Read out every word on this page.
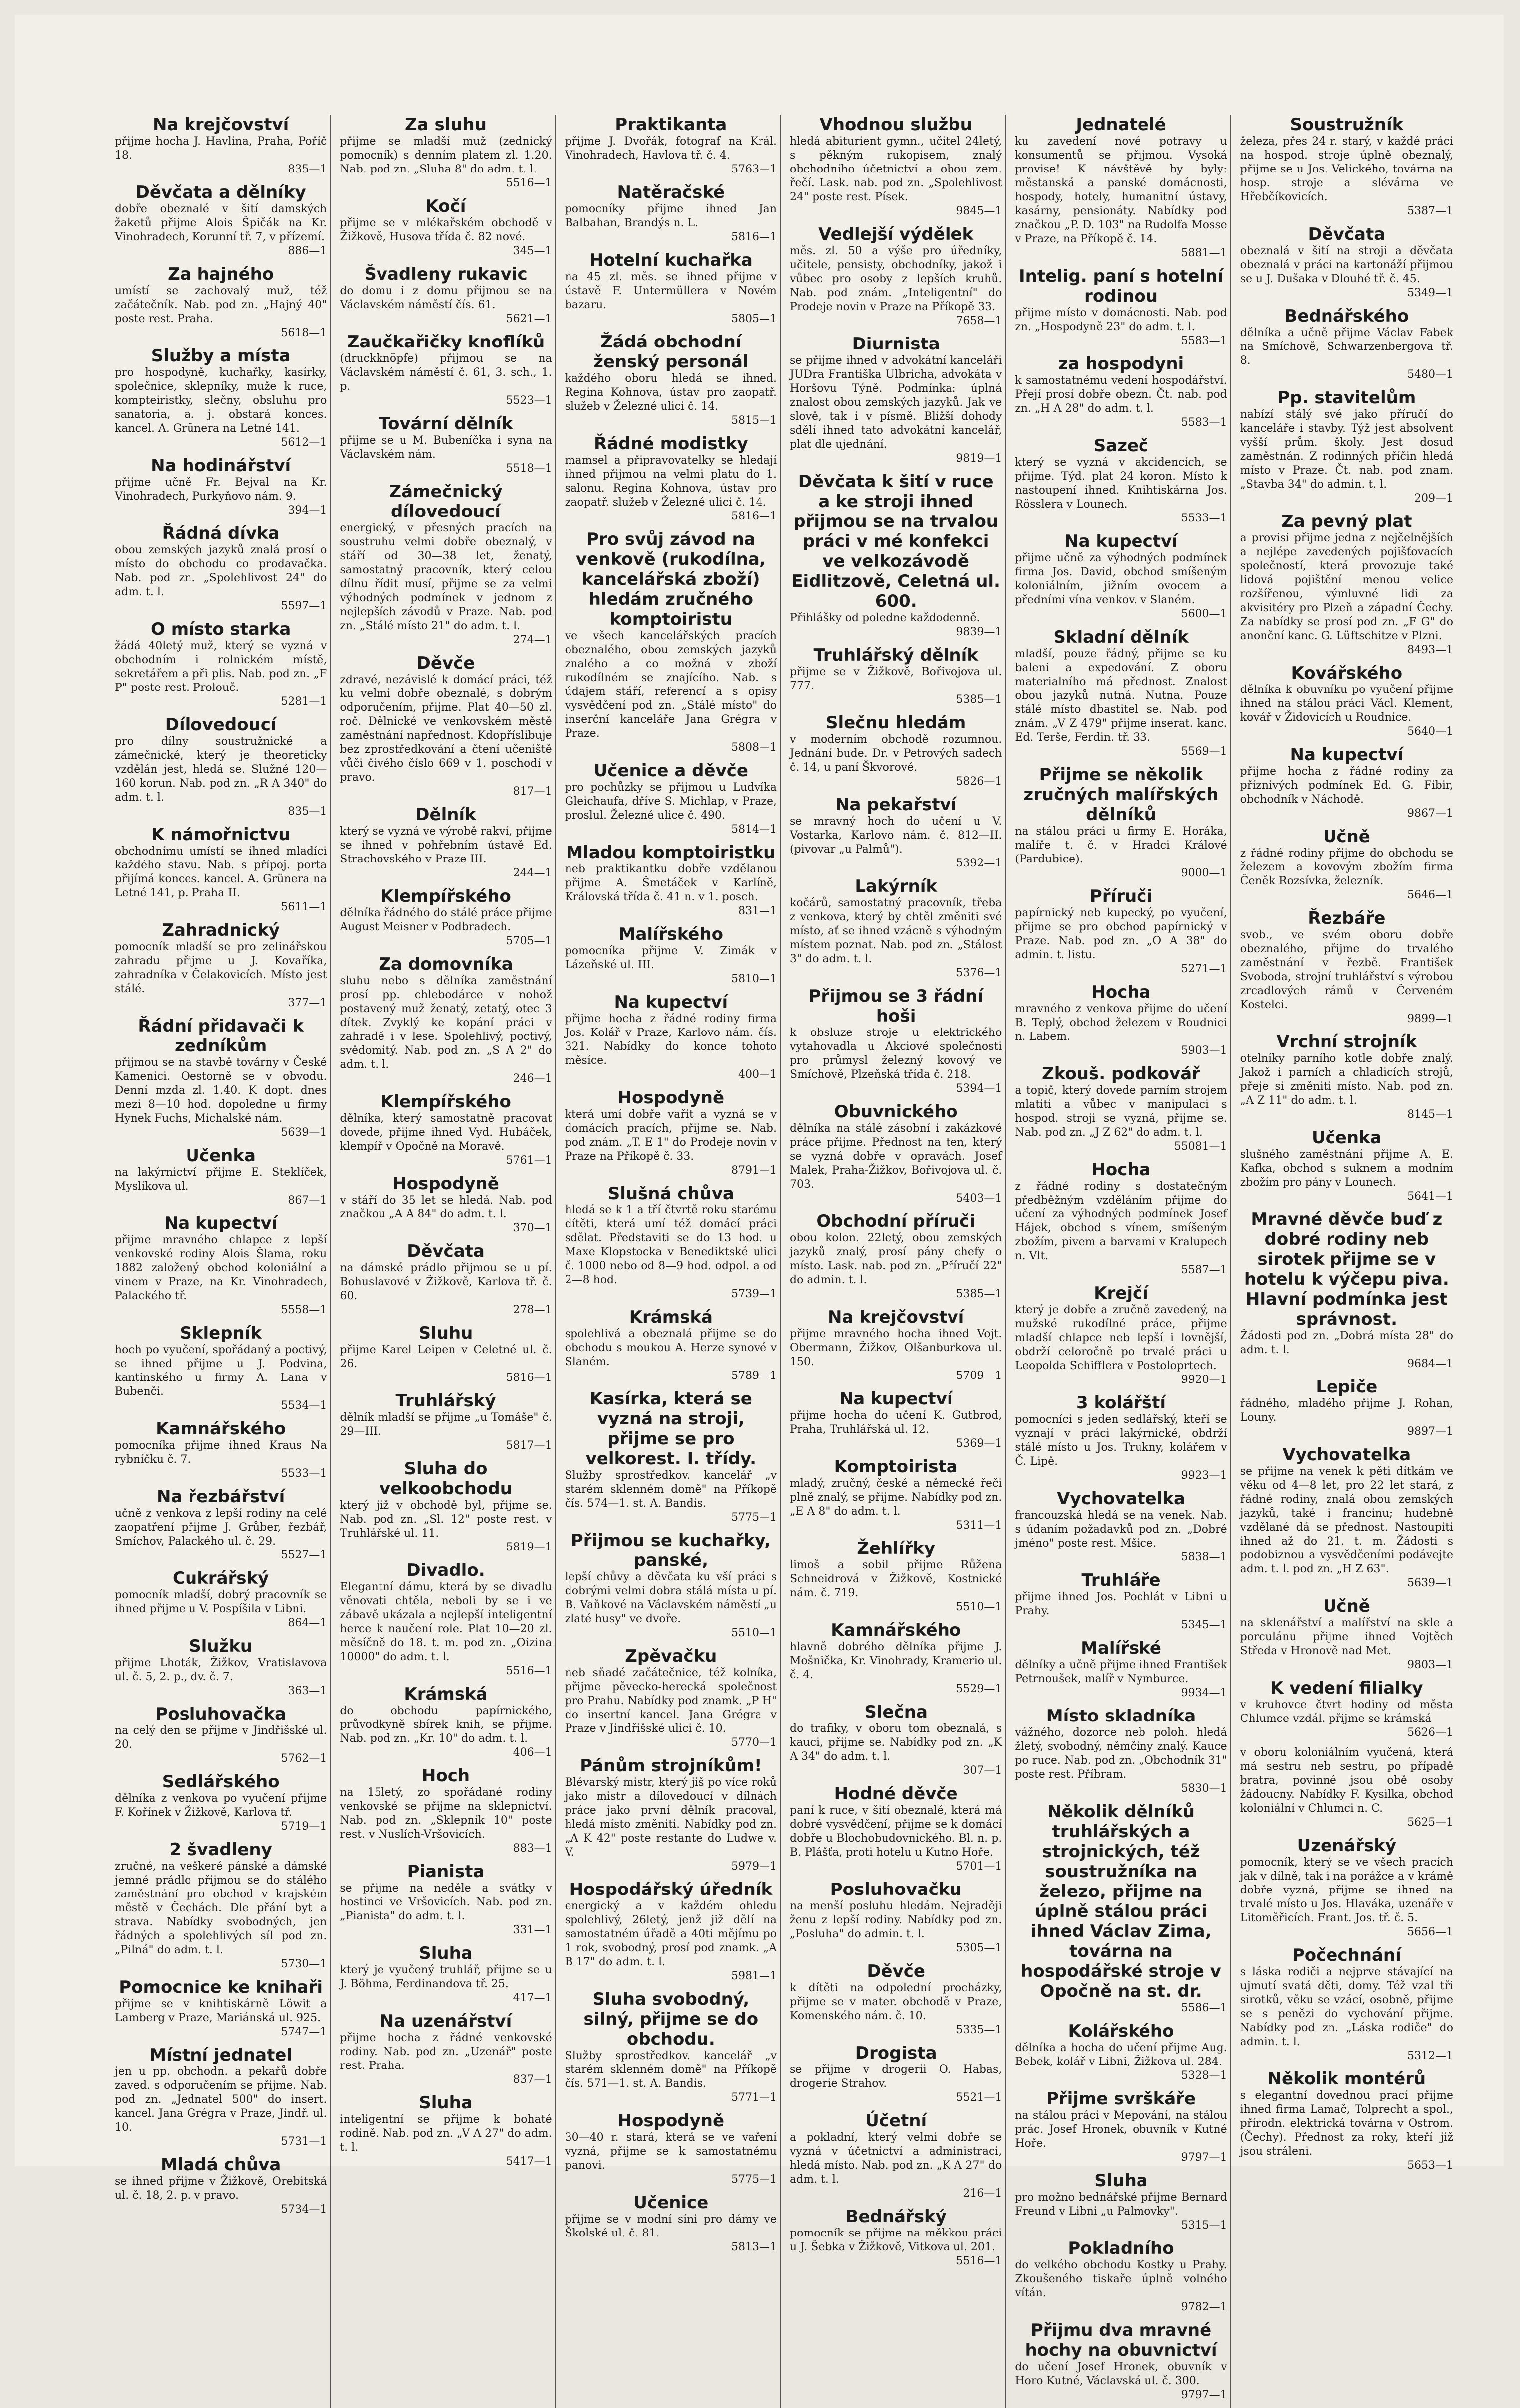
Na krejčovství

přijme hocha J. Havlina, Praha, Poříč 18.
835—1

Děvčata a dělníky

dobře obeznalé v šití damských žaketů přijme Alois Špičák na Kr. Vinohradech, Korunní tř. 7, v přízemí.
886—1

Za hajného

umístí se zachovalý muž, též začátečník. Nab. pod zn. „Hajný 40" poste rest. Praha.
5618—1

Služby a místa

pro hospodyně, kuchařky, kasírky, společnice, sklepníky, muže k ruce, kompteiristky, slečny, obsluhu pro sanatoria, a. j. obstará konces. kancel. A. Grünera na Letné 141.
5612—1

Na hodinářství

přijme učně Fr. Bejval na Kr. Vinohradech, Purkyňovo nám. 9.
394—1

Řádná dívka

obou zemských jazyků znalá prosí o místo do obchodu co prodavačka. Nab. pod zn. „Spolehlivost 24" do adm. t. l.
5597—1

O místo starka

žádá 40letý muž, který se vyzná v obchodním i rolnickém místě, sekretářem a při plis. Nab. pod zn. „F P" poste rest. Prolouč.
5281—1

Dílovedoucí

pro dílny soustružnické a zámečnické, který je theoreticky vzdělán jest, hledá se. Služné 120—160 korun. Nab. pod zn. „R A 340" do adm. t. l.
835—1

K námořnictvu

obchodnímu umístí se ihned mladíci každého stavu. Nab. s přípoj. porta přijímá konces. kancel. A. Grünera na Letné 141, p. Praha II.
5611—1

Zahradnický

pomocník mladší se pro zelinářskou zahradu přijme u J. Kovaříka, zahradníka v Čelakovicích. Místo jest stálé.
377—1

Řádní přidavači k zedníkům

přijmou se na stavbě továrny v České Kamenici. Oestorně se v obvodu. Denní mzda zl. 1.40. K dopt. dnes mezi 8—10 hod. dopoledne u firmy Hynek Fuchs, Michalské nám.
5639—1

Učenka

na lakýrnictví přijme E. Steklíček, Myslíkova ul.
867—1

Na kupectví

přijme mravného chlapce z lepší venkovské rodiny Alois Šlama, roku 1882 založený obchod koloniální a vinem v Praze, na Kr. Vinohradech, Palackého tř.
5558—1

Sklepník

hoch po vyučení, spořádaný a poctivý, se ihned přijme u J. Podvina, kantinského u firmy A. Lana v Bubenči.
5534—1

Kamnářského

pomocníka přijme ihned Kraus Na rybníčku č. 7.
5533—1

Na řezbářství

učně z venkova z lepší rodiny na celé zaopatření přijme J. Grůber, řezbář, Smíchov, Palackého ul. č. 29.
5527—1

Cukrářský

pomocník mladší, dobrý pracovník se ihned přijme u V. Pospíšila v Libni.
864—1

Služku

přijme Lhoták, Žižkov, Vratislavova ul. č. 5, 2. p., dv. č. 7.
363—1

Posluhovačka

na celý den se přijme v Jindřišské ul. 20.
5762—1

Sedlářského

dělníka z venkova po vyučení přijme F. Kořínek v Žižkově, Karlova tř.
5719—1

2 švadleny

zručné, na veškeré pánské a dámské jemné prádlo přijmou se do stálého zaměstnání pro obchod v krajském městě v Čechách. Dle přání byt a strava. Nabídky svobodných, jen řádných a spolehlivých síl pod zn. „Pilná" do adm. t. l.
5730—1

Pomocnice ke knihaři

přijme se v knihtiskárně Löwit a Lamberg v Praze, Mariánská ul. 925.
5747—1

Místní jednatel

jen u pp. obchodn. a pekařů dobře zaved. s odporučením se přijme. Nab. pod zn. „Jednatel 500" do insert. kancel. Jana Grégra v Praze, Jindř. ul. 10.
5731—1

Mladá chůva

se ihned přijme v Žižkově, Orebitská ul. č. 18, 2. p. v pravo.
5734—1

Za sluhu

přijme se mladší muž (zednický pomocník) s denním platem zl. 1.20. Nab. pod zn. „Sluha 8" do adm. t. l.
5516—1

Kočí

přijme se v mlékařském obchodě v Žižkově, Husova třída č. 82 nové.
345—1

Švadleny rukavic

do domu i z domu přijmou se na Václavském náměstí čís. 61.
5621—1

Zaučkařičky knoflíků

(druckknöpfe) přijmou se na Václavském náměstí č. 61, 3. sch., 1. p.
5523—1

Tovární dělník

přijme se u M. Bubeníčka i syna na Václavském nám.
5518—1

Zámečnický dílovedoucí

energický, v přesných pracích na soustruhu velmi dobře obeznalý, v stáří od 30—38 let, ženatý, samostatný pracovník, který celou dílnu řídit musí, přijme se za velmi výhodných podmínek v jednom z nejlepších závodů v Praze. Nab. pod zn. „Stálé místo 21" do adm. t. l.
274—1

Děvče

zdravé, nezávislé k domácí práci, též ku velmi dobře obeznalé, s dobrým odporučením, přijme. Plat 40—50 zl. roč. Dělnické ve venkovském městě zaměstnání napřednost. Kdopříslibuje bez zprostředkování a čtení učeniště vůči čivého číslo 669 v 1. poschodí v pravo.
817—1

Dělník

který se vyzná ve výrobě rakví, přijme se ihned v pohřebním ústavě Ed. Strachovského v Praze III.
244—1

Klempířského

dělníka řádného do stálé práce přijme August Meisner v Podbradech.
5705—1

Za domovníka

sluhu nebo s dělníka zaměstnání prosí pp. chlebodárce v nohož postavený muž ženatý, zetatý, otec 3 dítek. Zvyklý ke kopání práci v zahradě i v lese. Spolehlivý, poctivý, svědomitý. Nab. pod zn. „S A 2" do adm. t. l.
246—1

Klempířského

dělníka, který samostatně pracovat dovede, přijme ihned Vyd. Hubáček, klempíř v Opočně na Moravě.
5761—1

Hospodyně

v stáří do 35 let se hledá. Nab. pod značkou „A A 84" do adm. t. l.
370—1

Děvčata

na dámské prádlo přijmou se u pí. Bohuslavové v Žižkově, Karlova tř. č. 60.
278—1

Sluhu

přijme Karel Leipen v Celetné ul. č. 26.
5816—1

Truhlářský

dělník mladší se přijme „u Tomáše" č. 29—III.
5817—1

Sluha do velkoobchodu

který již v obchodě byl, přijme se. Nab. pod zn. „Sl. 12" poste rest. v Truhlářské ul. 11.
5819—1

Divadlo.

Elegantní dámu, která by se divadlu věnovati chtěla, neboli by se i ve zábavě ukázala a nejlepší inteligentní herce k naučení role. Plat 10—20 zl. měsíčně do 18. t. m. pod zn. „Oizina 10000" do adm. t. l.
5516—1

Krámská

do obchodu papírnického, průvodkyně sbírek knih, se přijme. Nab. pod zn. „Kr. 10" do adm. t. l.
406—1

Hoch

na 15letý, zo spořádané rodiny venkovské se přijme na sklepnictví. Nab. pod zn. „Sklepník 10" poste rest. v Nuslích-Vršovicích.
883—1

Pianista

se přijme na neděle a svátky v hostinci ve Vršovicích. Nab. pod zn. „Pianista" do adm. t. l.
331—1

Sluha

který je vyučený truhlář, přijme se u J. Böhma, Ferdinandova tř. 25.
417—1

Na uzenářství

přijme hocha z řádné venkovské rodiny. Nab. pod zn. „Uzenář" poste rest. Praha.
837—1

Sluha

inteligentní se přijme k bohaté rodině. Nab. pod zn. „V A 27" do adm. t. l.
5417—1

Praktikanta

přijme J. Dvořák, fotograf na Král. Vinohradech, Havlova tř. č. 4.
5763—1

Natěračské

pomocníky přijme ihned Jan Balbahan, Brandýs n. L.
5816—1

Hotelní kuchařka

na 45 zl. měs. se ihned přijme v ústavě F. Untermüllera v Novém bazaru.
5805—1

Žádá obchodní ženský personál

každého oboru hledá se ihned. Regina Kohnova, ústav pro zaopatř. služeb v Železné ulici č. 14.
5815—1

Řádné modistky

mamsel a připravovatelky se hledají ihned přijmou na velmi platu do 1. salonu. Regina Kohnova, ústav pro zaopatř. služeb v Železné ulici č. 14.
5816—1

Pro svůj závod na venkově (rukodílna, kancelářská zboží) hledám zručného komptoiristu

ve všech kancelářských pracích obeznalého, obou zemských jazyků znalého a co možná v zboží rukodílném se znajícího. Nab. s údajem stáří, referencí a s opisy vysvědčení pod zn. „Stálé místo" do inserční kanceláře Jana Grégra v Praze.
5808—1

Učenice a děvče

pro pochůzky se přijmou u Ludvíka Gleichaufa, dříve S. Michlap, v Praze, proslul. Železné ulice č. 490.
5814—1

Mladou komptoiristku

neb praktikantku dobře vzdělanou přijme A. Šmetáček v Karlíně, Královská třída č. 41 n. v 1. posch.
831—1

Malířského

pomocníka přijme V. Zimák v Lázeňské ul. III.
5810—1

Na kupectví

přijme hocha z řádné rodiny firma Jos. Kolář v Praze, Karlovo nám. čís. 321. Nabídky do konce tohoto měsíce.
400—1

Hospodyně

která umí dobře vařit a vyzná se v domácích pracích, přijme se. Nab. pod znám. „T. E 1" do Prodeje novin v Praze na Příkopě č. 33.
8791—1

Slušná chůva

hledá se k 1 a tří čtvrtě roku starému dítěti, která umí též domácí práci sdělat. Představiti se do 13 hod. u Maxe Klopstocka v Benediktské ulici č. 1000 nebo od 8—9 hod. odpol. a od 2—8 hod.
5739—1

Krámská

spolehlivá a obeznalá přijme se do obchodu s moukou A. Herze synové v Slaném.
5789—1

Kasírka, která se vyzná na stroji, přijme se pro velkorest. I. třídy.

Služby sprostředkov. kancelář „v starém sklenném domě" na Příkopě čís. 574—1. st. A. Bandis.
5775—1

Přijmou se kuchařky, panské,

lepší chůvy a děvčata ku vší práci s dobrými velmi dobra stálá místa u pí. B. Vaňkové na Václavském náměstí „u zlaté husy" ve dvoře.
5510—1

Zpěvačku

neb sňadé začátečnice, též kolníka, přijme pěvecko-herecká společnost pro Prahu. Nabídky pod znamk. „P H" do insertní kancel. Jana Grégra v Praze v Jindřišské ulici č. 10.
5770—1

Pánům strojníkům!

Blévarský mistr, který jiš po více roků jako mistr a dílovedoucí v dílnách práce jako první dělník pracoval, hledá místo změniti. Nabídky pod zn. „A K 42" poste restante do Ludwe v. V.
5979—1

Hospodářský úředník

energický a v každém ohledu spolehlivý, 26letý, jenž již dělí na samostatném úřadě a 40ti mějímu po 1 rok, svobodný, prosí pod znamk. „A B 17" do adm. t. l.
5981—1

Sluha svobodný, silný, přijme se do obchodu.

Služby sprostředkov. kancelář „v starém sklenném domě" na Příkopě čís. 571—1. st. A. Bandis.
5771—1

Hospodyně

30—40 r. stará, která se ve vaření vyzná, přijme se k samostatnému panovi.
5775—1

Učenice

přijme se v modní síni pro dámy ve Školské ul. č. 81.
5813—1

Vhodnou službu

hledá abiturient gymn., učitel 24letý, s pěkným rukopisem, znalý obchodního účetnictví a obou zem. řečí. Lask. nab. pod zn. „Spolehlivost 24" poste rest. Písek.
9845—1

Vedlejší výdělek

měs. zl. 50 a výše pro úředníky, učitele, pensisty, obchodníky, jakož i vůbec pro osoby z lepších kruhů. Nab. pod znám. „Inteligentní" do Prodeje novin v Praze na Příkopě 33.
7658—1

Diurnista

se přijme ihned v advokátní kanceláři JUDra Františka Ulbricha, advokáta v Horšovu Týně. Podmínka: úplná znalost obou zemských jazyků. Jak ve slově, tak i v písmě. Bližší dohody sdělí ihned tato advokátní kancelář, plat dle ujednání.
9819—1

Děvčata k šití v ruce a ke stroji ihned přijmou se na trvalou práci v mé konfekci ve velkozávodě Eidlitzově, Celetná ul. 600.

Přihlášky od poledne každodenně.
9839—1

Truhlářský dělník

přijme se v Žižkově, Bořivojova ul. 777.
5385—1

Slečnu hledám

v moderním obchodě rozumnou. Jednání bude. Dr. v Petrových sadech č. 14, u paní Škvorové.
5826—1

Na pekařství

se mravný hoch do učení u V. Vostarka, Karlovo nám. č. 812—II. (pivovar „u Palmů").
5392—1

Lakýrník

kočárů, samostatný pracovník, třeba z venkova, který by chtěl změniti své místo, ať se ihned vzácně s výhodným místem poznat. Nab. pod zn. „Stálost 3" do adm. t. l.
5376—1

Přijmou se 3 řádní hoši

k obsluze stroje u elektrického vytahovadla u Akciové společnosti pro průmysl železný kovový ve Smíchově, Plzeňská třída č. 218.
5394—1

Obuvnického

dělníka na stálé zásobní i zakázkové práce přijme. Přednost na ten, který se vyzná dobře v opravách. Josef Malek, Praha-Žižkov, Bořivojova ul. č. 703.
5403—1

Obchodní příruči

obou kolon. 22letý, obou zemských jazyků znalý, prosí pány chefy o místo. Lask. nab. pod zn. „Příručí 22" do admin. t. l.
5385—1

Na krejčovství

přijme mravného hocha ihned Vojt. Obermann, Žižkov, Olšanburkova ul. 150.
5709—1

Na kupectví

přijme hocha do učení K. Gutbrod, Praha, Truhlářská ul. 12.
5369—1

Komptoirista

mladý, zručný, české a německé řeči plně znalý, se přijme. Nabídky pod zn. „E A 8" do adm. t. l.
5311—1

Žehlířky

limoš a sobil přijme Růžena Schneidrová v Žižkově, Kostnické nám. č. 719.
5510—1

Kamnářského

hlavně dobrého dělníka přijme J. Mošnička, Kr. Vinohrady, Kramerio ul. č. 4.
5529—1

Slečna

do trafiky, v oboru tom obeznalá, s kauci, přijme se. Nabídky pod zn. „K A 34" do adm. t. l.
307—1

Hodné děvče

paní k ruce, v šití obeznalé, která má dobré vysvědčení, přijme se k domácí dobře u Blochobudovnického. Bl. n. p. B. Plášťa, proti hotelu u Kutno Hoře.
5701—1

Posluhovačku

na menší posluhu hledám. Nejraději ženu z lepší rodiny. Nabídky pod zn. „Posluha" do admin. t. l.
5305—1

Děvče

k dítěti na odpolední procházky, přijme se v mater. obchodě v Praze, Komenského nám. č. 10.
5335—1

Drogista

se přijme v drogerii O. Habas, drogerie Strahov.
5521—1

Účetní

a pokladní, který velmi dobře se vyzná v účetnictví a administraci, hledá místo. Nab. pod zn. „K A 27" do adm. t. l.
216—1

Bednářský

pomocník se přijme na měkkou práci u J. Šebka v Žižkově, Vitkova ul. 201.
5516—1

Jednatelé

ku zavedení nové potravy u konsumentů se přijmou. Vysoká provise! K návštěvě by byly: městanská a panské domácnosti, hospody, hotely, humanitní ústavy, kasárny, pensionáty. Nabídky pod značkou „P. D. 103" na Rudolfa Mosse v Praze, na Příkopě č. 14.
5881—1

Intelig. paní s hotelní rodinou

přijme místo v domácnosti. Nab. pod zn. „Hospodyně 23" do adm. t. l.
5583—1

za hospodyni

k samostatnému vedení hospodářství. Přejí prosí dobře obezn. Čt. nab. pod zn. „H A 28" do adm. t. l.
5583—1

Sazeč

který se vyzná v akcidencích, se přijme. Týd. plat 24 koron. Místo k nastoupení ihned. Knihtiskárna Jos. Rösslera v Lounech.
5533—1

Na kupectví

přijme učně za výhodných podmínek firma Jos. David, obchod smíšeným koloniálním, jižním ovocem a předními vína venkov. v Slaném.
5600—1

Skladní dělník

mladší, pouze řádný, přijme se ku baleni a expedování. Z oboru materialního má přednost. Znalost obou jazyků nutná. Nutna. Pouze stálé místo dbastitel se. Nab. pod znám. „V Z 479" přijme inserat. kanc. Ed. Terše, Ferdin. tř. 33.
5569—1

Přijme se několik zručných malířských dělníků

na stálou práci u firmy E. Horáka, malíře t. č. v Hradci Králové (Pardubice).
9000—1

Příruči

papírnický neb kupecký, po vyučení, přijme se pro obchod papírnický v Praze. Nab. pod zn. „O A 38" do admin. t. listu.
5271—1

Hocha

mravného z venkova přijme do učení B. Teplý, obchod železem v Roudnici n. Labem.
5903—1

Zkouš. podkovář

a topič, který dovede parním strojem mlatiti a vůbec v manipulaci s hospod. stroji se vyzná, přijme se. Nab. pod zn. „J Z 62" do adm. t. l.
55081—1

Hocha

z řádné rodiny s dostatečným předběžným vzděláním přijme do učení za výhodných podmínek Josef Hájek, obchod s vínem, smíšeným zbožím, pivem a barvami v Kralupech n. Vlt.
5587—1

Krejčí

který je dobře a zručně zavedený, na mužské rukodílné práce, přijme mladší chlapce neb lepší i lovnější, obdrží celoročně po trvalé práci u Leopolda Schifflera v Postoloprtech.
9920—1

3 kolářští

pomocníci s jeden sedlářský, kteří se vyznají v práci lakýrnické, obdrží stálé místo u Jos. Trukny, kolářem v Č. Lipě.
9923—1

Vychovatelka

francouzská hledá se na venek. Nab. s údaním požadavků pod zn. „Dobré jméno" poste rest. Mšice.
5838—1

Truhláře

přijme ihned Jos. Pochlát v Libni u Prahy.
5345—1

Malířské

dělníky a učně přijme ihned František Petrnoušek, malíř v Nymburce.
9934—1

Místo skladníka

vážného, dozorce neb poloh. hledá žletý, svobodný, němčiny znalý. Kauce po ruce. Nab. pod zn. „Obchodník 31" poste rest. Příbram.
5830—1

Několik dělníků truhlářských a strojnických, též soustružníka na železo, přijme na úplně stálou práci ihned Václav Zima, továrna na hospodářské stroje v Opočně na st. dr.

5586—1

Kolářského

dělníka a hocha do učení přijme Aug. Bebek, kolář v Libni, Žižkova ul. 284.
5328—1

Přijme svrškáře

na stálou práci v Mepování, na stálou prác. Josef Hronek, obuvník v Kutné Hoře.
9797—1

Sluha

pro možno bednářské přijme Bernard Freund v Libni „u Palmovky".
5315—1

Pokladního

do velkého obchodu Kostky u Prahy. Zkoušeného tiskaře úplně volného vítán.
9782—1

Přijmu dva mravné hochy na obuvnictví

do učení Josef Hronek, obuvník v Horo Kutné, Václavská ul. č. 300.
9797—1

Soustružník

železa, přes 24 r. starý, v každé práci na hospod. stroje úplně obeznalý, přijme se u Jos. Velického, továrna na hosp. stroje a slévárna ve Hřebčíkovicích.
5387—1

Děvčata

obeznalá v šití na stroji a děvčata obeznalá v práci na kartonáží přijmou se u J. Dušaka v Dlouhé tř. č. 45.
5349—1

Bednářského

dělníka a učně přijme Václav Fabek na Smíchově, Schwarzenbergova tř. 8.
5480—1

Pp. stavitelům

nabízí stálý své jako příručí do kanceláře i stavby. Týž jest absolvent vyšší prům. školy. Jest dosud zaměstnán. Z rodinných příčin hledá místo v Praze. Čt. nab. pod znam. „Stavba 34" do admin. t. l.
209—1

Za pevný plat

a provisi přijme jedna z nejčelnějších a nejlépe zavedených pojišťovacích společností, která provozuje také lidová pojištění menou velice rozšířenou, výmluvné lidi za akvisitéry pro Plzeň a západní Čechy. Za nabídky se prosí pod zn. „F G" do anonční kanc. G. Lüftschitze v Plzni.
8493—1

Kovářského

dělníka k obuvníku po vyučení přijme ihned na stálou práci Václ. Klement, kovář v Židovicích u Roudnice.
5640—1

Na kupectví

přijme hocha z řádné rodiny za příznivých podmínek Ed. G. Fibir, obchodník v Náchodě.
9867—1

Učně

z řádné rodiny přijme do obchodu se železem a kovovým zbožím firma Čeněk Rozsívka, železník.
5646—1

Řezbáře

svob., ve svém oboru dobře obeznalého, přijme do trvalého zaměstnání v řezbě. František Svoboda, strojní truhlářství s výrobou zrcadlových rámů v Červeném Kostelci.
9899—1

Vrchní strojník

otelníky parního kotle dobře znalý. Jakož i parních a chladicích strojů, přeje si změniti místo. Nab. pod zn. „A Z 11" do adm. t. l.
8145—1

Učenka

slušného zaměstnání přijme A. E. Kafka, obchod s suknem a modním zbožím pro pány v Lounech.
5641—1

Mravné děvče buď z dobré rodiny neb sirotek přijme se v hotelu k výčepu piva. Hlavní podmínka jest správnost.

Žádosti pod zn. „Dobrá místa 28" do adm. t. l.
9684—1

Lepiče

řádného, mladého přijme J. Rohan, Louny.
9897—1

Vychovatelka

se přijme na venek k pěti dítkám ve věku od 4—8 let, pro 22 let stará, z řádné rodiny, znalá obou zemských jazyků, také i francinu; hudebně vzdělané dá se přednost. Nastoupiti ihned až do 21. t. m. Žádosti s podobiznou a vysvědčeními podávejte adm. t. l. pod zn. „H Z 63".
5639—1

Učně

na sklenářství a malířství na skle a porculánu přijme ihned Vojtěch Středa v Hronově nad Met.
9803—1

K vedení filialky

v kruhovce čtvrt hodiny od města Chlumce vzdál. přijme se krámská
5626—1

v oboru koloniálním vyučená, která má sestru neb sestru, po případě bratra, povinné jsou obě osoby žádoucny. Nabídky F. Kysilka, obchod koloniální v Chlumci n. C.
5625—1

Uzenářský

pomocník, který se ve všech pracích jak v dílně, tak i na porážce a v krámě dobře vyzná, přijme se ihned na trvalé místo u Jos. Hlaváka, uzenáře v Litoměřicích. Frant. Jos. tř. č. 5.
5656—1

Počechnání

s láska rodiči a nejprve stávající na ujmutí svatá děti, domy. Též vzal tři sirotků, věku se vzácí, osobně, přijme se s penězi do vychování přijme. Nabídky pod zn. „Láska rodiče" do admin. t. l.
5312—1

Několik montérů

s elegantní dovednou prací přijme ihned firma Lamač, Tolprecht a spol., přírodn. elektrická továrna v Ostrom. (Čechy). Přednost za roky, kteří již jsou stráleni.
5653—1
